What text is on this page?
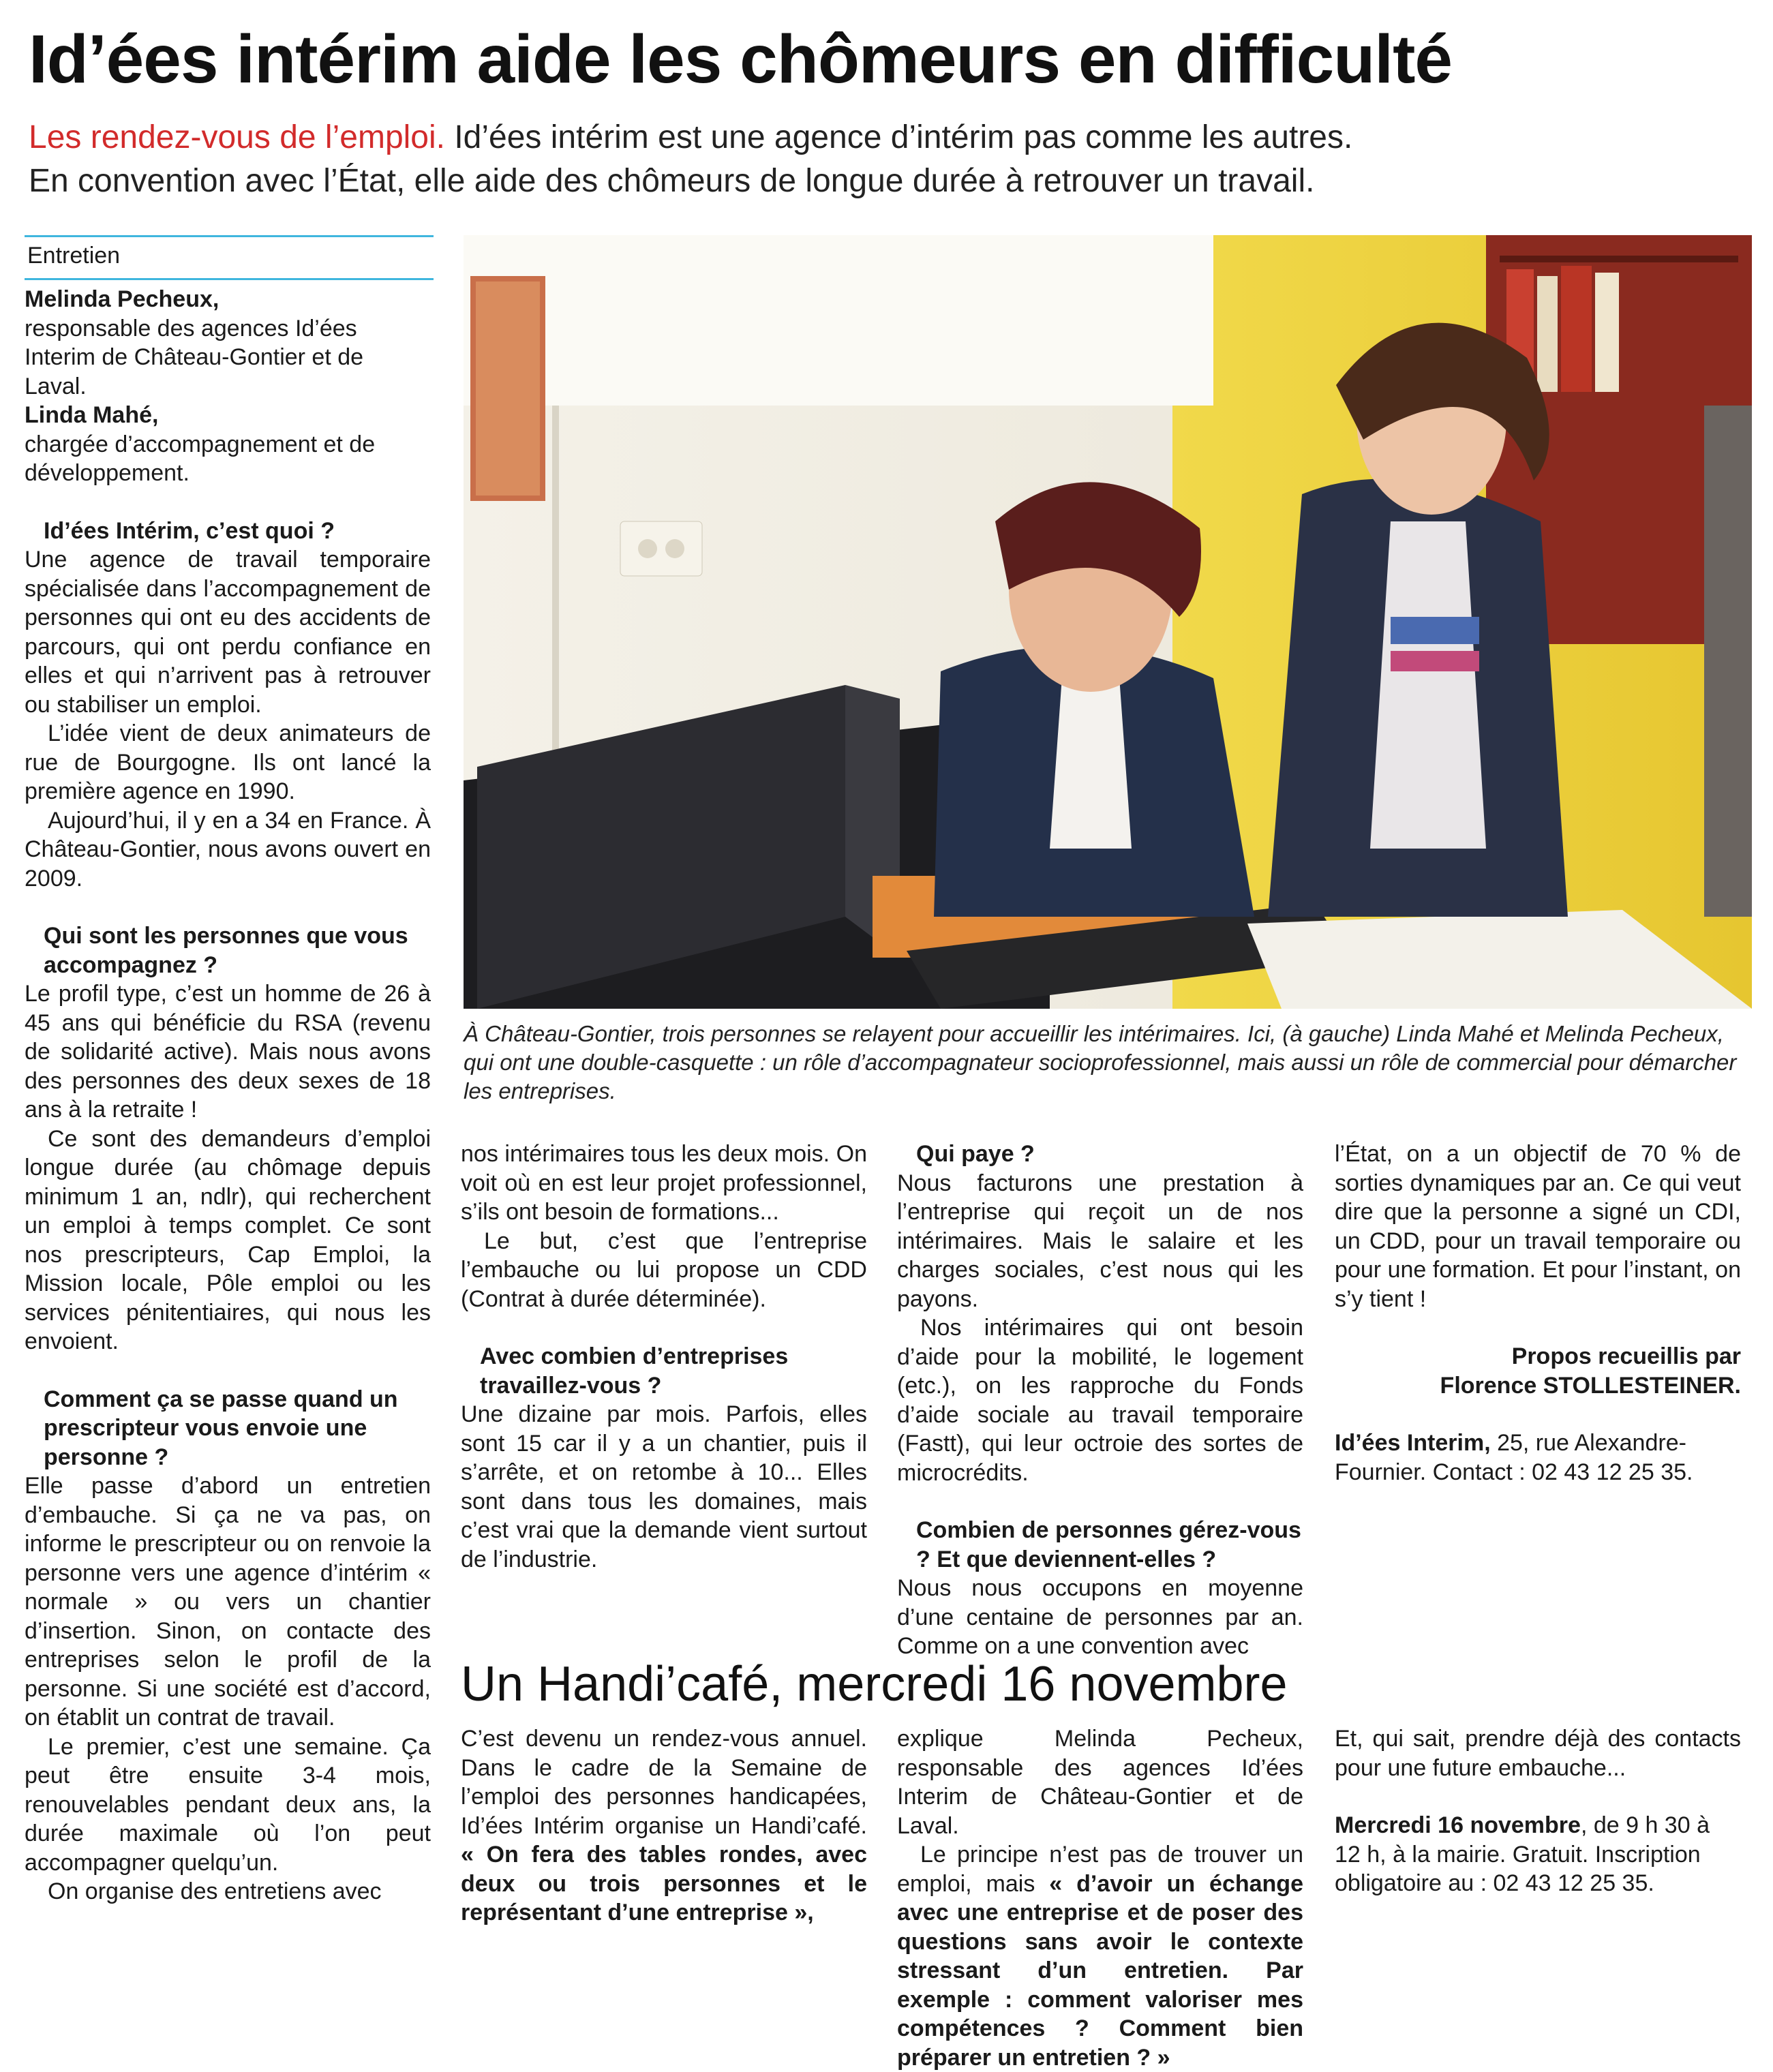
Id’ées intérim aide les chômeurs en difficulté
Les rendez-vous de l’emploi. Id’ées intérim est une agence d’intérim pas comme les autres.
En convention avec l’État, elle aide des chômeurs de longue durée à retrouver un travail.
Entretien

Melinda Pecheux,

responsable des agences Id’ées Interim de Château-Gontier et de Laval.

Linda Mahé,

chargée d’accompagnement et de développement.

Id’ées Intérim, c’est quoi ?

Une agence de travail temporaire spécialisée dans l’accompagnement de personnes qui ont eu des accidents de parcours, qui ont perdu confiance en elles et qui n’arrivent pas à retrouver ou stabiliser un emploi.

L’idée vient de deux animateurs de rue de Bourgogne. Ils ont lancé la première agence en 1990.

Aujourd’hui, il y en a 34 en France. À Château-Gontier, nous avons ouvert en 2009.

Qui sont les personnes que vous accompagnez ?

Le profil type, c’est un homme de 26 à 45 ans qui bénéficie du RSA (revenu de solidarité active). Mais nous avons des personnes des deux sexes de 18 ans à la retraite !

Ce sont des demandeurs d’emploi longue durée (au chômage depuis minimum 1 an, ndlr), qui recherchent un emploi à temps complet. Ce sont nos prescripteurs, Cap Emploi, la Mission locale, Pôle emploi ou les services pénitentiaires, qui nous les envoient.

Comment ça se passe quand un prescripteur vous envoie une personne ?

Elle passe d’abord un entretien d’embauche. Si ça ne va pas, on informe le prescripteur ou on renvoie la personne vers une agence d’intérim « normale » ou vers un chantier d’insertion. Sinon, on contacte des entreprises selon le profil de la personne. Si une société est d’accord, on établit un contrat de travail.

Le premier, c’est une semaine. Ça peut être ensuite 3-4 mois, renouvelables pendant deux ans, la durée maximale où l’on peut accompagner quelqu’un.

On organise des entretiens avec

À Château-Gontier, trois personnes se relayent pour accueillir les intérimaires. Ici, (à gauche) Linda Mahé et Melinda Pecheux, qui ont une double-casquette : un rôle d’accompagnateur socioprofessionnel, mais aussi un rôle de commercial pour démarcher les entreprises.

nos intérimaires tous les deux mois. On voit où en est leur projet professionnel, s’ils ont besoin de formations...

Le but, c’est que l’entreprise l’embauche ou lui propose un CDD (Contrat à durée déterminée).

Avec combien d’entreprises travaillez-vous ?

Une dizaine par mois. Parfois, elles sont 15 car il y a un chantier, puis il s’arrête, et on retombe à 10... Elles sont dans tous les domaines, mais c’est vrai que la demande vient surtout de l’industrie.

Qui paye ?

Nous facturons une prestation à l’entreprise qui reçoit un de nos intérimaires. Mais le salaire et les charges sociales, c’est nous qui les payons.

Nos intérimaires qui ont besoin d’aide pour la mobilité, le logement (etc.), on les rapproche du Fonds d’aide sociale au travail temporaire (Fastt), qui leur octroie des sortes de microcrédits.

Combien de personnes gérez-vous ? Et que deviennent-elles ?

Nous nous occupons en moyenne d’une centaine de personnes par an. Comme on a une convention avec

l’État, on a un objectif de 70 % de sorties dynamiques par an. Ce qui veut dire que la personne a signé un CDI, un CDD, pour un travail temporaire ou pour une formation. Et pour l’instant, on s’y tient !

Propos recueillis par

Florence STOLLESTEINER.

Id’ées Interim, 25, rue Alexandre-Fournier. Contact : 02 43 12 25 35.

Un Handi’café, mercredi 16 novembre

C’est devenu un rendez-vous annuel. Dans le cadre de la Semaine de l’emploi des personnes handicapées, Id’ées Intérim organise un Handi’café. « On fera des tables rondes, avec deux ou trois personnes et le représentant d’une entreprise »,

explique Melinda Pecheux, responsable des agences Id’ées Interim de Château-Gontier et de Laval.

Le principe n’est pas de trouver un emploi, mais « d’avoir un échange avec une entreprise et de poser des questions sans avoir le contexte stressant d’un entretien. Par exemple : comment valoriser mes compétences ? Comment bien préparer un entretien ? »

Et, qui sait, prendre déjà des contacts pour une future embauche...

Mercredi 16 novembre, de 9 h 30 à 12 h, à la mairie. Gratuit. Inscription obligatoire au : 02 43 12 25 35.
